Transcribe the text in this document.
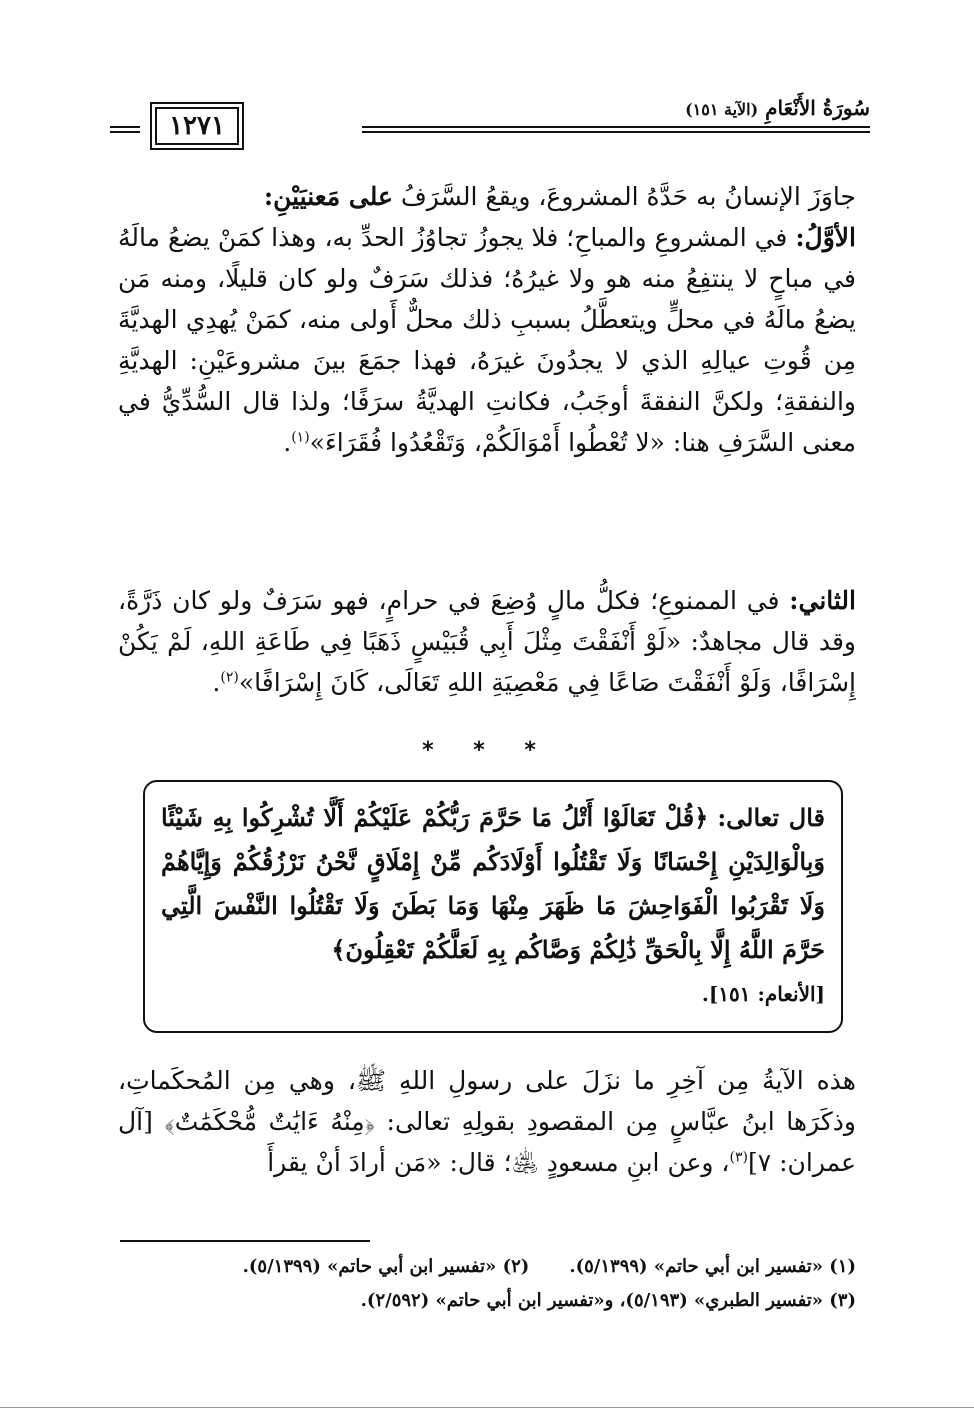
سُورَةُ الأَنْعَامِ (الآية ١٥١)
١٢٧١
جاوَزَ الإنسانُ به حَدَّهُ المشروعَ، ويقعُ السَّرَفُ على مَعنيَيْنِ:
الأوَّلُ: في المشروعِ والمباحِ؛ فلا يجوزُ تجاوُزُ الحدِّ به، وهذا كمَنْ يضعُ مالَهُ في مباحٍ لا ينتفِعُ منه هو ولا غيرُهُ؛ فذلك سَرَفٌ ولو كان قليلًا، ومنه مَن يضعُ مالَهُ في محلٍّ ويتعطَّلُ بسببِ ذلك محلٌّ أَولى منه، كمَنْ يُهدِي الهديَّةَ مِن قُوتِ عيالِهِ الذي لا يجدُونَ غيرَهُ، فهذا جمَعَ بينَ مشروعَيْنِ: الهديَّةِ والنفقةِ؛ ولكنَّ النفقةَ أوجَبُ، فكانتِ الهديَّةُ سرَفًا؛ ولذا قال السُّدِّيُّ في معنى السَّرَفِ هنا: «لا تُعْطُوا أَمْوَالَكُمْ، وَتَقْعُدُوا فُقَرَاءَ»$^{(١)}$.
الثاني: في الممنوعِ؛ فكلُّ مالٍ وُضِعَ في حرامٍ، فهو سَرَفٌ ولو كان ذَرَّةً، وقد قال مجاهدٌ: «لَوْ أَنْفَقْتَ مِثْلَ أَبِي قُبَيْسٍ ذَهَبًا فِي طَاعَةِ اللهِ، لَمْ يَكُنْ إِسْرَافًا، وَلَوْ أَنْفَقْتَ صَاعًا فِي مَعْصِيَةِ اللهِ تَعَالَى، كَانَ إِسْرَافًا»$^{(٢)}$.
* * *
قال تعالى: ﴿قُلْ تَعَالَوْا أَتْلُ مَا حَرَّمَ رَبُّكُمْ عَلَيْكُمْ أَلَّا تُشْرِكُوا بِهِ شَيْئًا وَبِالْوَالِدَيْنِ إِحْسَانًا وَلَا تَقْتُلُوا أَوْلَادَكُم مِّنْ إِمْلَاقٍ نَّحْنُ نَرْزُقُكُمْ وَإِيَّاهُمْ وَلَا تَقْرَبُوا الْفَوَاحِشَ مَا ظَهَرَ مِنْهَا وَمَا بَطَنَ وَلَا تَقْتُلُوا النَّفْسَ الَّتِي حَرَّمَ اللَّهُ إِلَّا بِالْحَقِّ ذَٰلِكُمْ وَصَّاكُم بِهِ لَعَلَّكُمْ تَعْقِلُونَ﴾
[الأنعام: ١٥١].
هذه الآيةُ مِن آخِرِ ما نزَلَ على رسولِ اللهِ ﷺ، وهي مِن المُحكَماتِ، وذكَرَها ابنُ عبَّاسٍ مِن المقصودِ بقولِهِ تعالى: ﴿مِنْهُ ءَايَٰتٌ مُّحْكَمَٰتٌ﴾ [آل عمران: ٧]$^{(٣)}$، وعن ابنِ مسعودٍ ﵁؛ قال: «مَن أرادَ أنْ يقرأَ
(١) «تفسير ابن أبي حاتم» (٥/١٣٩٩).
(٢) «تفسير ابن أبي حاتم» (٥/١٣٩٩).
(٣) «تفسير الطبري» (٥/١٩٣)، و«تفسير ابن أبي حاتم» (٢/٥٩٢).
